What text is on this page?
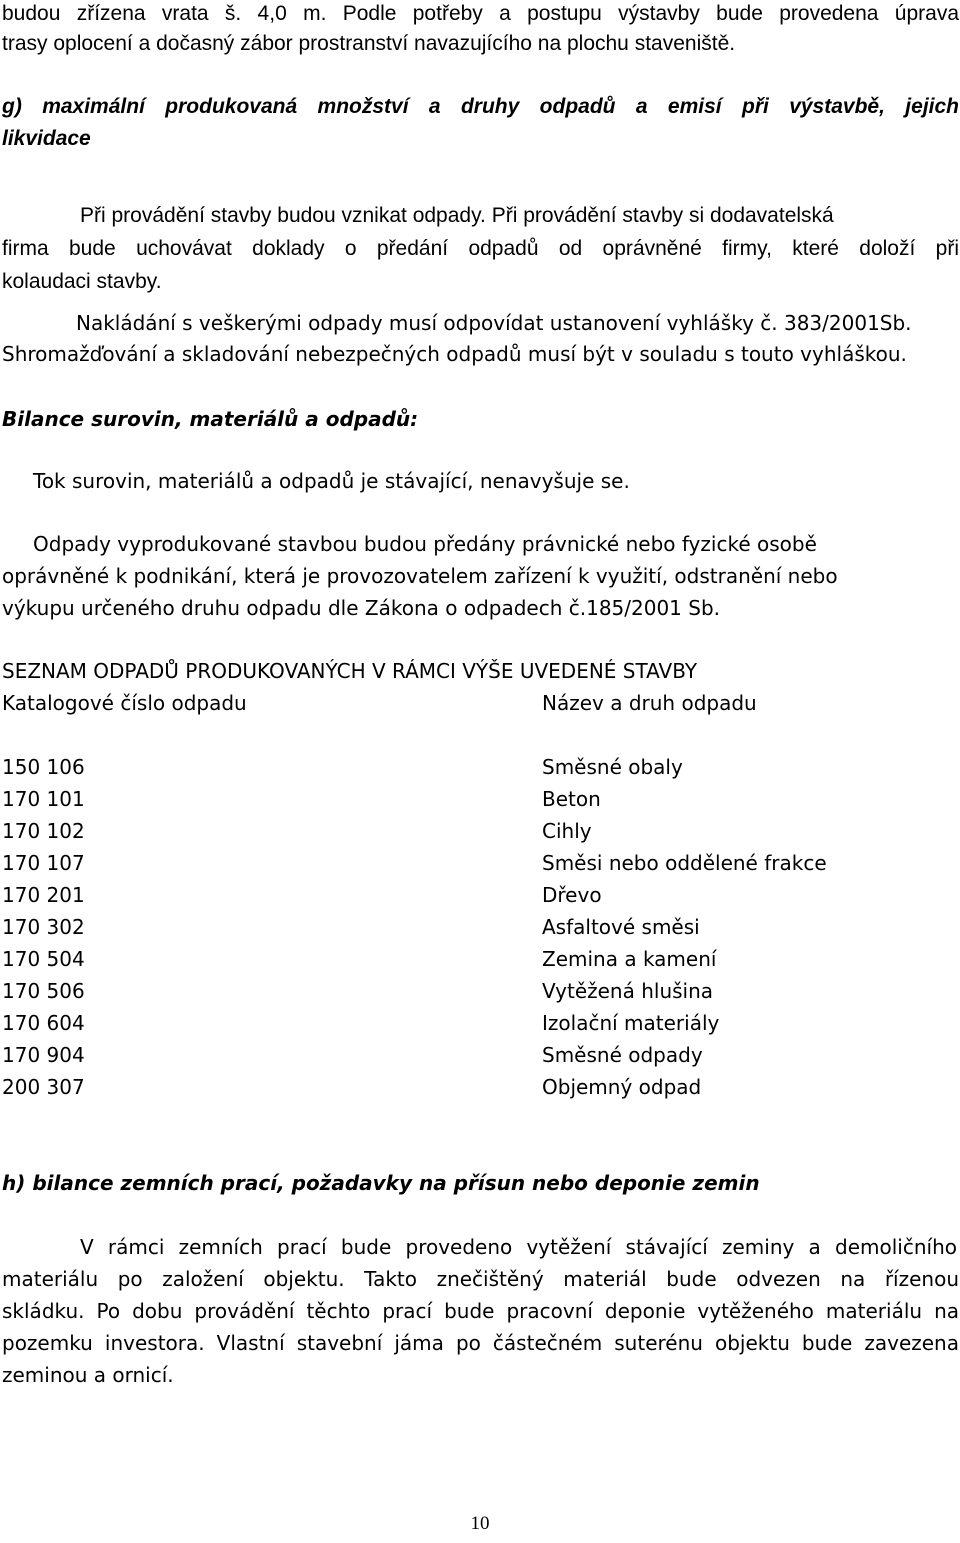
budou zřízena vrata š. 4,0 m. Podle potřeby a postupu výstavby bude provedena úprava
trasy oplocení a dočasný zábor prostranství navazujícího na plochu staveniště.
g) maximální produkovaná množství a druhy odpadů a emisí při výstavbě, jejich
likvidace
Při provádění stavby budou vznikat odpady. Při provádění stavby si dodavatelská
firma bude uchovávat doklady o předání odpadů od oprávněné firmy, které doloží při
kolaudaci stavby.
Nakládání s veškerými odpady musí odpovídat ustanovení vyhlášky č. 383/2001Sb.
Shromažďování a skladování nebezpečných odpadů musí být v souladu s touto vyhláškou.
Bilance surovin, materiálů a odpadů:
Tok surovin, materiálů a odpadů je stávající, nenavyšuje se.
Odpady vyprodukované stavbou budou předány právnické nebo fyzické osobě
oprávněné k podnikání, která je provozovatelem zařízení k využití, odstranění nebo
výkupu určeného druhu odpadu dle Zákona o odpadech č.185/2001 Sb.
SEZNAM ODPADŮ PRODUKOVANÝCH V RÁMCI VÝŠE UVEDENÉ STAVBY
Katalogové číslo odpadu	Název a druh odpadu
150 106	Směsné obaly
170 101	Beton
170 102	Cihly
170 107	Směsi nebo oddělené frakce
170 201	Dřevo
170 302	Asfaltové směsi
170 504	Zemina a kamení
170 506	Vytěžená hlušina
170 604	Izolační materiály
170 904	Směsné odpady
200 307	Objemný odpad
h) bilance zemních prací, požadavky na přísun nebo deponie zemin
V rámci zemních prací bude provedeno vytěžení stávající zeminy a demoličního
materiálu po založení objektu. Takto znečištěný materiál bude odvezen na řízenou
skládku. Po dobu provádění těchto prací bude pracovní deponie vytěženého materiálu na
pozemku investora. Vlastní stavební jáma po částečném suterénu objektu bude zavezena
zeminou a ornicí.
10
